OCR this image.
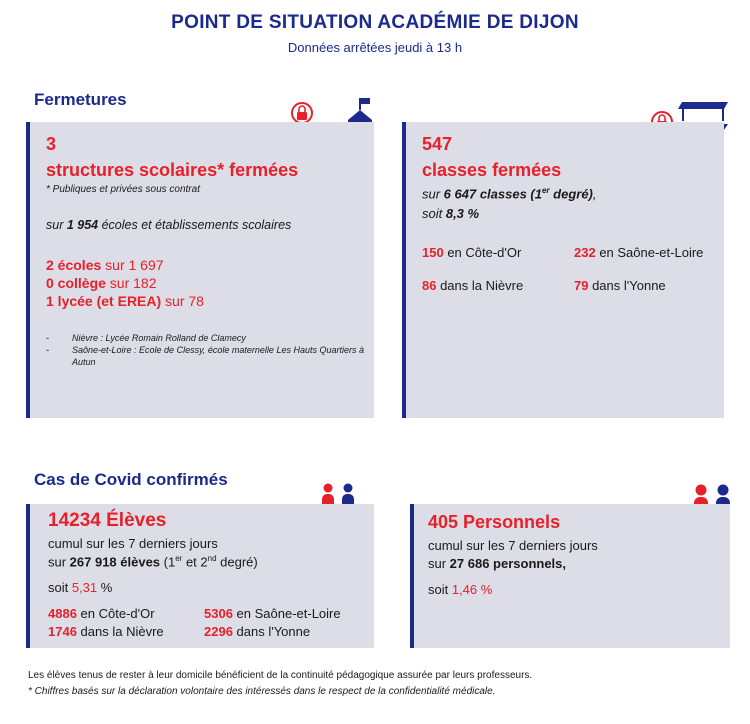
POINT DE SITUATION ACADÉMIE DE DIJON
Données arrêtées jeudi à 13 h
Fermetures
3
structures scolaires* fermées
* Publiques et privées sous contrat
sur 1 954 écoles et établissements scolaires
2 écoles sur 1 697
0 collège sur 182
1 lycée (et EREA) sur 78
-	Nièvre : Lycée Romain Rolland de Clamecy
-	Saône-et-Loire : Ecole de Clessy, école maternelle Les Hauts Quartiers à Autun
547
classes fermées
sur 6 647 classes (1er degré),
soit 8,3 %
150 en Côte-d'Or
86 dans la Nièvre
232 en Saône-et-Loire
79 dans l'Yonne
Cas de Covid confirmés
14234 Élèves
cumul sur les 7 derniers jours
sur 267 918 élèves (1er et 2nd degré)
soit 5,31 %
4886 en Côte-d'Or
1746 dans la Nièvre
5306 en Saône-et-Loire
2296 dans l'Yonne
405 Personnels
cumul sur les 7 derniers jours
sur 27 686 personnels,
soit 1,46 %
Les élèves tenus de rester à leur domicile bénéficient de la continuité pédagogique assurée par leurs professeurs.
* Chiffres basés sur la déclaration volontaire des intéressés dans le respect de la confidentialité médicale.
